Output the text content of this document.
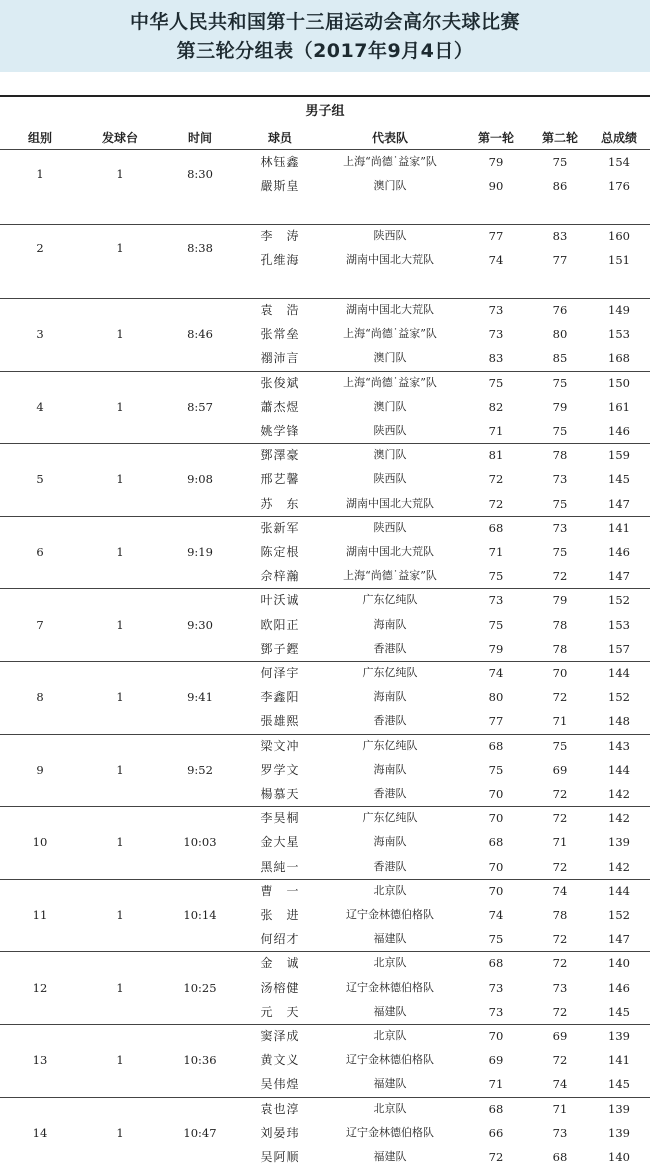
中华人民共和国第十三届运动会高尔夫球比赛
第三轮分组表（2017年9月4日）
男子组
组别	发球台	时间	球员	代表队	第一轮	第二轮	总成绩
1	1	8:30
林钰鑫	上海“尚德˙益家”队	79	75	154
嚴斯皇	澳门队	90	86	176
2	1	8:38
李　涛	陕西队	77	83	160
孔维海	湖南中国北大荒队	74	77	151
3	1	8:46
袁　浩	湖南中国北大荒队	73	76	149
张常垒	上海“尚德˙益家”队	73	80	153
禤沛言	澳门队	83	85	168
4	1	8:57
张俊斌	上海“尚德˙益家”队	75	75	150
蕭杰煜	澳门队	82	79	161
姚学锋	陕西队	71	75	146
5	1	9:08
鄧澤豪	澳门队	81	78	159
邢艺馨	陕西队	72	73	145
苏　东	湖南中国北大荒队	72	75	147
6	1	9:19
张新军	陕西队	68	73	141
陈定根	湖南中国北大荒队	71	75	146
佘梓瀚	上海“尚德˙益家”队	75	72	147
7	1	9:30
叶沃诚	广东亿纯队	73	79	152
欧阳正	海南队	75	78	153
鄧子鏗	香港队	79	78	157
8	1	9:41
何泽宇	广东亿纯队	74	70	144
李鑫阳	海南队	80	72	152
張雄熙	香港队	77	71	148
9	1	9:52
梁文冲	广东亿纯队	68	75	143
罗学文	海南队	75	69	144
楊慕天	香港队	70	72	142
10	1	10:03
李昊桐	广东亿纯队	70	72	142
金大星	海南队	68	71	139
黑純一	香港队	70	72	142
11	1	10:14
曹　一	北京队	70	74	144
张　进	辽宁金林德伯格队	74	78	152
何绍才	福建队	75	72	147
12	1	10:25
金　诚	北京队	68	72	140
汤榕健	辽宁金林德伯格队	73	73	146
元　天	福建队	73	72	145
13	1	10:36
窦泽成	北京队	70	69	139
黄文义	辽宁金林德伯格队	69	72	141
吴伟煌	福建队	71	74	145
14	1	10:47
袁也淳	北京队	68	71	139
刘晏玮	辽宁金林德伯格队	66	73	139
吴阿顺	福建队	72	68	140
